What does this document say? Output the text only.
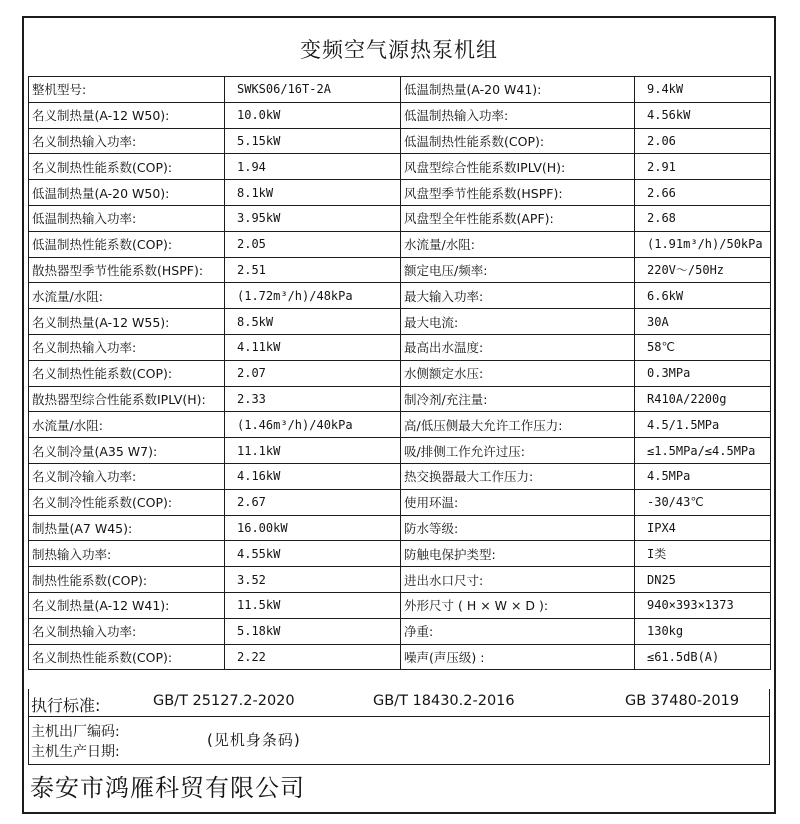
变频空气源热泵机组
整机型号:	SWKS06/16T-2A	低温制热量(A-20 W41):	9.4kW
名义制热量(A-12 W50):	10.0kW	低温制热输入功率:	4.56kW
名义制热输入功率:	5.15kW	低温制热性能系数(COP):	2.06
名义制热性能系数(COP):	1.94	风盘型综合性能系数IPLV(H):	2.91
低温制热量(A-20 W50):	8.1kW	风盘型季节性能系数(HSPF):	2.66
低温制热输入功率:	3.95kW	风盘型全年性能系数(APF):	2.68
低温制热性能系数(COP):	2.05	水流量/水阻:	(1.91m³/h)/50kPa
散热器型季节性能系数(HSPF):	2.51	额定电压/频率:	220V～/50Hz
水流量/水阻:	(1.72m³/h)/48kPa	最大输入功率:	6.6kW
名义制热量(A-12 W55):	8.5kW	最大电流:	30A
名义制热输入功率:	4.11kW	最高出水温度:	58℃
名义制热性能系数(COP):	2.07	水侧额定水压:	0.3MPa
散热器型综合性能系数IPLV(H):	2.33	制冷剂/充注量:	R410A/2200g
水流量/水阻:	(1.46m³/h)/40kPa	高/低压侧最大允许工作压力:	4.5/1.5MPa
名义制冷量(A35 W7):	11.1kW	吸/排侧工作允许过压:	≤1.5MPa/≤4.5MPa
名义制冷输入功率:	4.16kW	热交换器最大工作压力:	4.5MPa
名义制冷性能系数(COP):	2.67	使用环温:	-30/43℃
制热量(A7 W45):	16.00kW	防水等级:	IPX4
制热输入功率:	4.55kW	防触电保护类型:	I类
制热性能系数(COP):	3.52	进出水口尺寸:	DN25
名义制热量(A-12 W41):	11.5kW	外形尺寸 ( H × W × D ):	940×393×1373
名义制热输入功率:	5.18kW	净重:	130kg
名义制热性能系数(COP):	2.22	噪声(声压级) :	≤61.5dB(A)
执行标准:	GB/T 25127.2-2020	GB/T 18430.2-2016	GB 37480-2019
主机出厂编码:
主机生产日期:
(见机身条码)
泰安市鸿雁科贸有限公司
